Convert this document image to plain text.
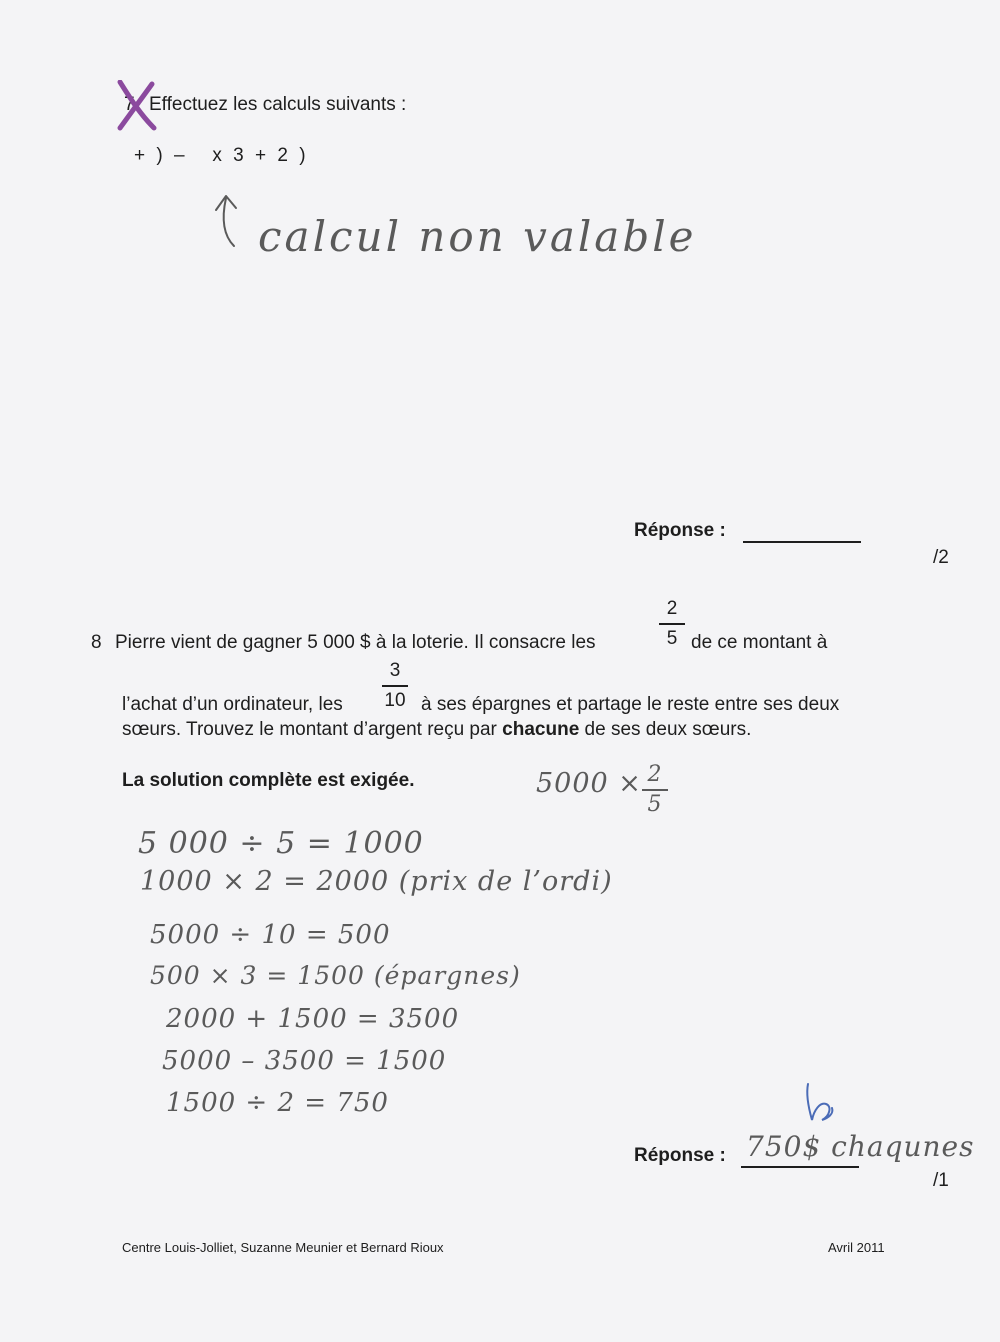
7 Effectuez les calculs suivants :
+ ) –   x 3 + 2 )
calcul non valable
Réponse :
/2
8 Pierre vient de gagner 5 000 $ à la loterie. Il consacre les
2
5 de ce montant à
l’achat d’un ordinateur, les
3
10 à ses épargnes et partage le reste entre ses deux
sœurs. Trouvez le montant d’argent reçu par chacune de ses deux sœurs.
La solution complète est exigée.	5000 × 2
5
5 000 ÷ 5 = 1000
1000 × 2 = 2000 (prix de l’ordi)
5000 ÷ 10 = 500
500 × 3 = 1500 (épargnes)
2000 + 1500 = 3500
5000 – 3500 = 1500
1500 ÷ 2 = 750
Réponse : 750$ chaqunes
/1
Centre Louis-Jolliet, Suzanne Meunier et Bernard Rioux	Avril 2011
